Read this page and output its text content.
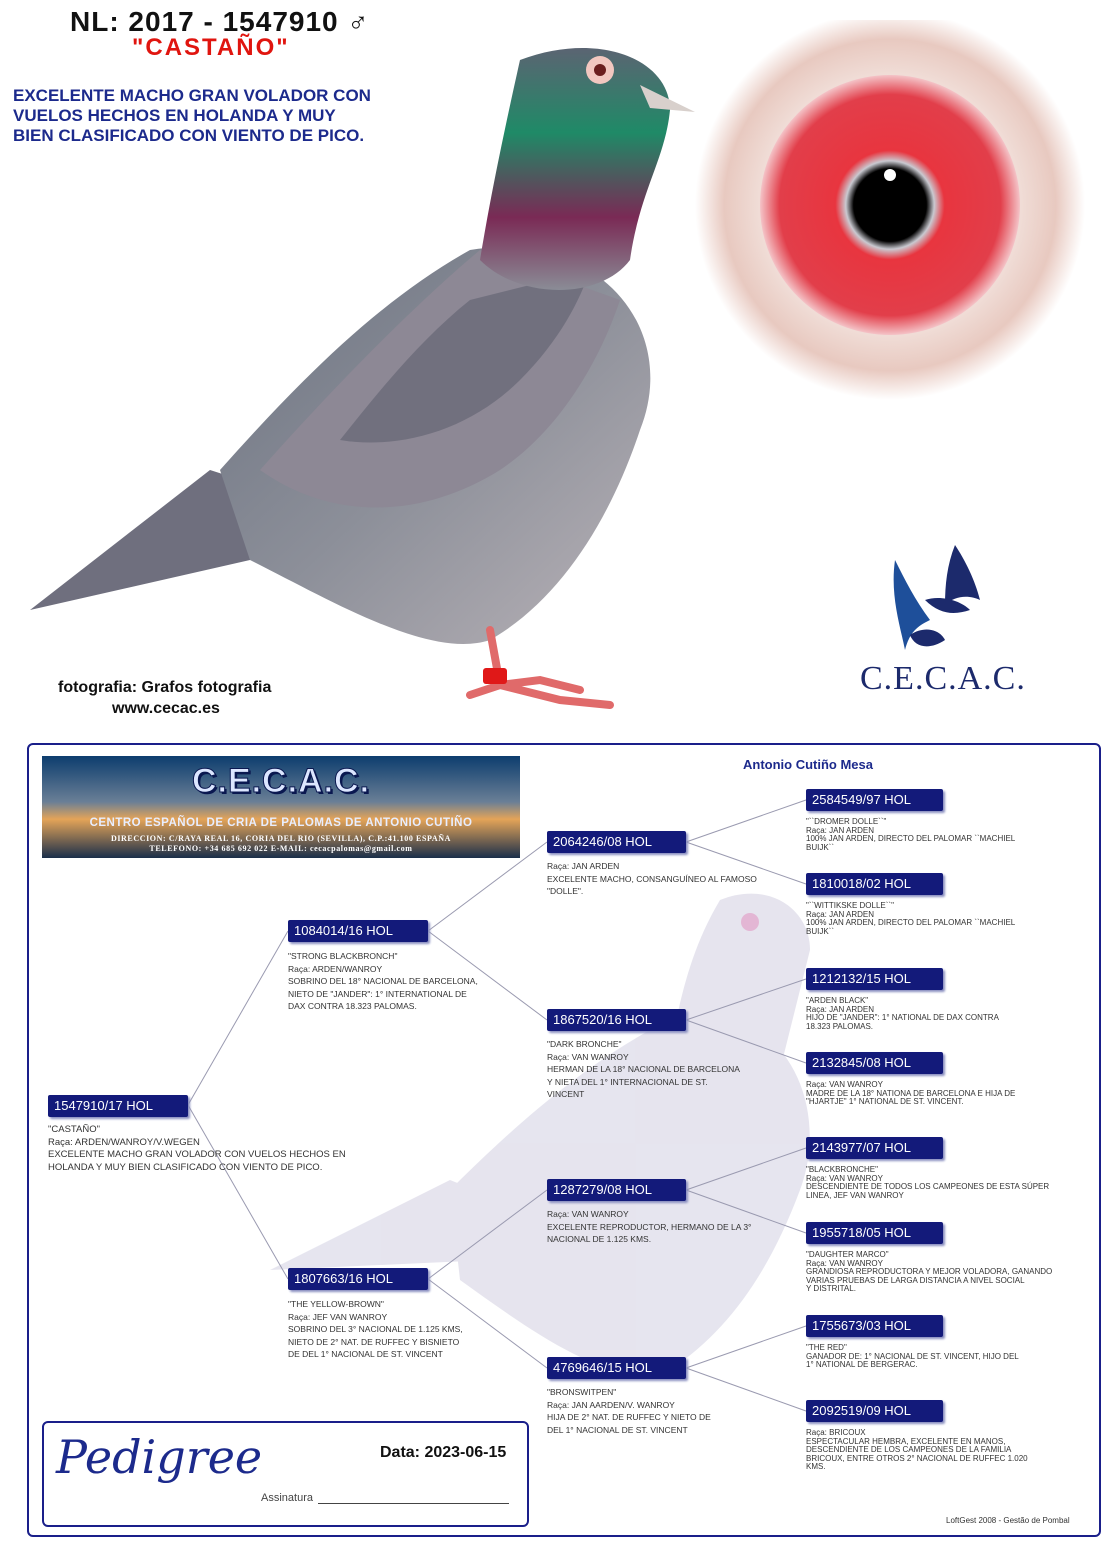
NL: 2017 - 1547910 ♂
"CASTAÑO"
EXCELENTE MACHO GRAN VOLADOR CON
VUELOS HECHOS EN HOLANDA Y MUY
BIEN CLASIFICADO CON VIENTO DE PICO.
fotografia: Grafos fotografia
www.cecac.es
C.E.C.A.C.
C.E.C.A.C.
CENTRO ESPAÑOL DE CRIA DE PALOMAS DE ANTONIO CUTIÑO
DIRECCION: C/RAYA REAL 16, CORIA DEL RIO (SEVILLA), C.P.:41.100 ESPAÑA
TELEFONO: +34 685 692 022 E-MAIL: cecacpalomas@gmail.com
Antonio Cutiño Mesa
1547910/17 HOL
"CASTAÑO"
Raça: ARDEN/WANROY/V.WEGEN
EXCELENTE MACHO GRAN VOLADOR CON VUELOS HECHOS EN
HOLANDA Y MUY BIEN CLASIFICADO CON VIENTO DE PICO.
1084014/16 HOL
"STRONG BLACKBRONCH"
Raça: ARDEN/WANROY
SOBRINO DEL 18° NACIONAL DE BARCELONA,
NIETO DE "JANDER": 1° INTERNATIONAL DE
DAX CONTRA 18.323 PALOMAS.
1807663/16 HOL
"THE YELLOW-BROWN"
Raça: JEF VAN WANROY
SOBRINO DEL 3° NACIONAL DE 1.125 KMS,
NIETO DE 2° NAT. DE RUFFEC Y BISNIETO
DE DEL 1° NACIONAL DE ST. VINCENT
2064246/08 HOL
Raça: JAN ARDEN
EXCELENTE MACHO, CONSANGUÍNEO AL FAMOSO
"DOLLE".
1867520/16 HOL
"DARK BRONCHE"
Raça: VAN WANROY
HERMAN DE LA 18° NACIONAL DE BARCELONA
Y NIETA DEL 1° INTERNACIONAL DE ST.
VINCENT
1287279/08 HOL
Raça: VAN WANROY
EXCELENTE REPRODUCTOR, HERMANO DE LA 3°
NACIONAL DE 1.125 KMS.
4769646/15 HOL
"BRONSWITPEN"
Raça: JAN AARDEN/V. WANROY
HIJA DE 2° NAT. DE RUFFEC Y NIETO DE
DEL 1° NACIONAL DE ST. VINCENT
2584549/97 HOL
"``DROMER DOLLE``"
Raça: JAN ARDEN
100% JAN ARDEN, DIRECTO DEL PALOMAR ``MACHIEL
BUIJK``
1810018/02 HOL
"``WITTIKSKE DOLLE``"
Raça: JAN ARDEN
100% JAN ARDEN, DIRECTO DEL PALOMAR ``MACHIEL
BUIJK``
1212132/15 HOL
"ARDEN BLACK"
Raça: JAN ARDEN
HIJO DE "JANDER": 1° NATIONAL DE DAX CONTRA
18.323 PALOMAS.
2132845/08 HOL
Raça: VAN WANROY
MADRE DE LA 18° NATIONA DE BARCELONA E HIJA DE
"HJARTJE" 1° NATIONAL DE ST. VINCENT.
2143977/07 HOL
"BLACKBRONCHE"
Raça: VAN WANROY
DESCENDIENTE DE TODOS LOS CAMPEONES DE ESTA SÚPER
LINEA, JEF VAN WANROY
1955718/05 HOL
"DAUGHTER MARCO"
Raça: VAN WANROY
GRANDIOSA REPRODUCTORA Y MEJOR VOLADORA, GANANDO
VARIAS PRUEBAS DE LARGA DISTANCIA A NIVEL SOCIAL
Y DISTRITAL.
1755673/03 HOL
"THE RED"
GANADOR DE: 1° NACIONAL DE ST. VINCENT, HIJO DEL
1° NATIONAL DE BERGERAC.
2092519/09 HOL
Raça: BRICOUX
ESPECTACULAR HEMBRA, EXCELENTE EN MANOS,
DESCENDIENTE DE LOS CAMPEONES DE LA FAMILIA
BRICOUX, ENTRE OTROS 2° NACIONAL DE RUFFEC 1.020
KMS.
Pedigree	Data: 2023-06-15
Assinatura
LoftGest 2008 - Gestão de Pombal
